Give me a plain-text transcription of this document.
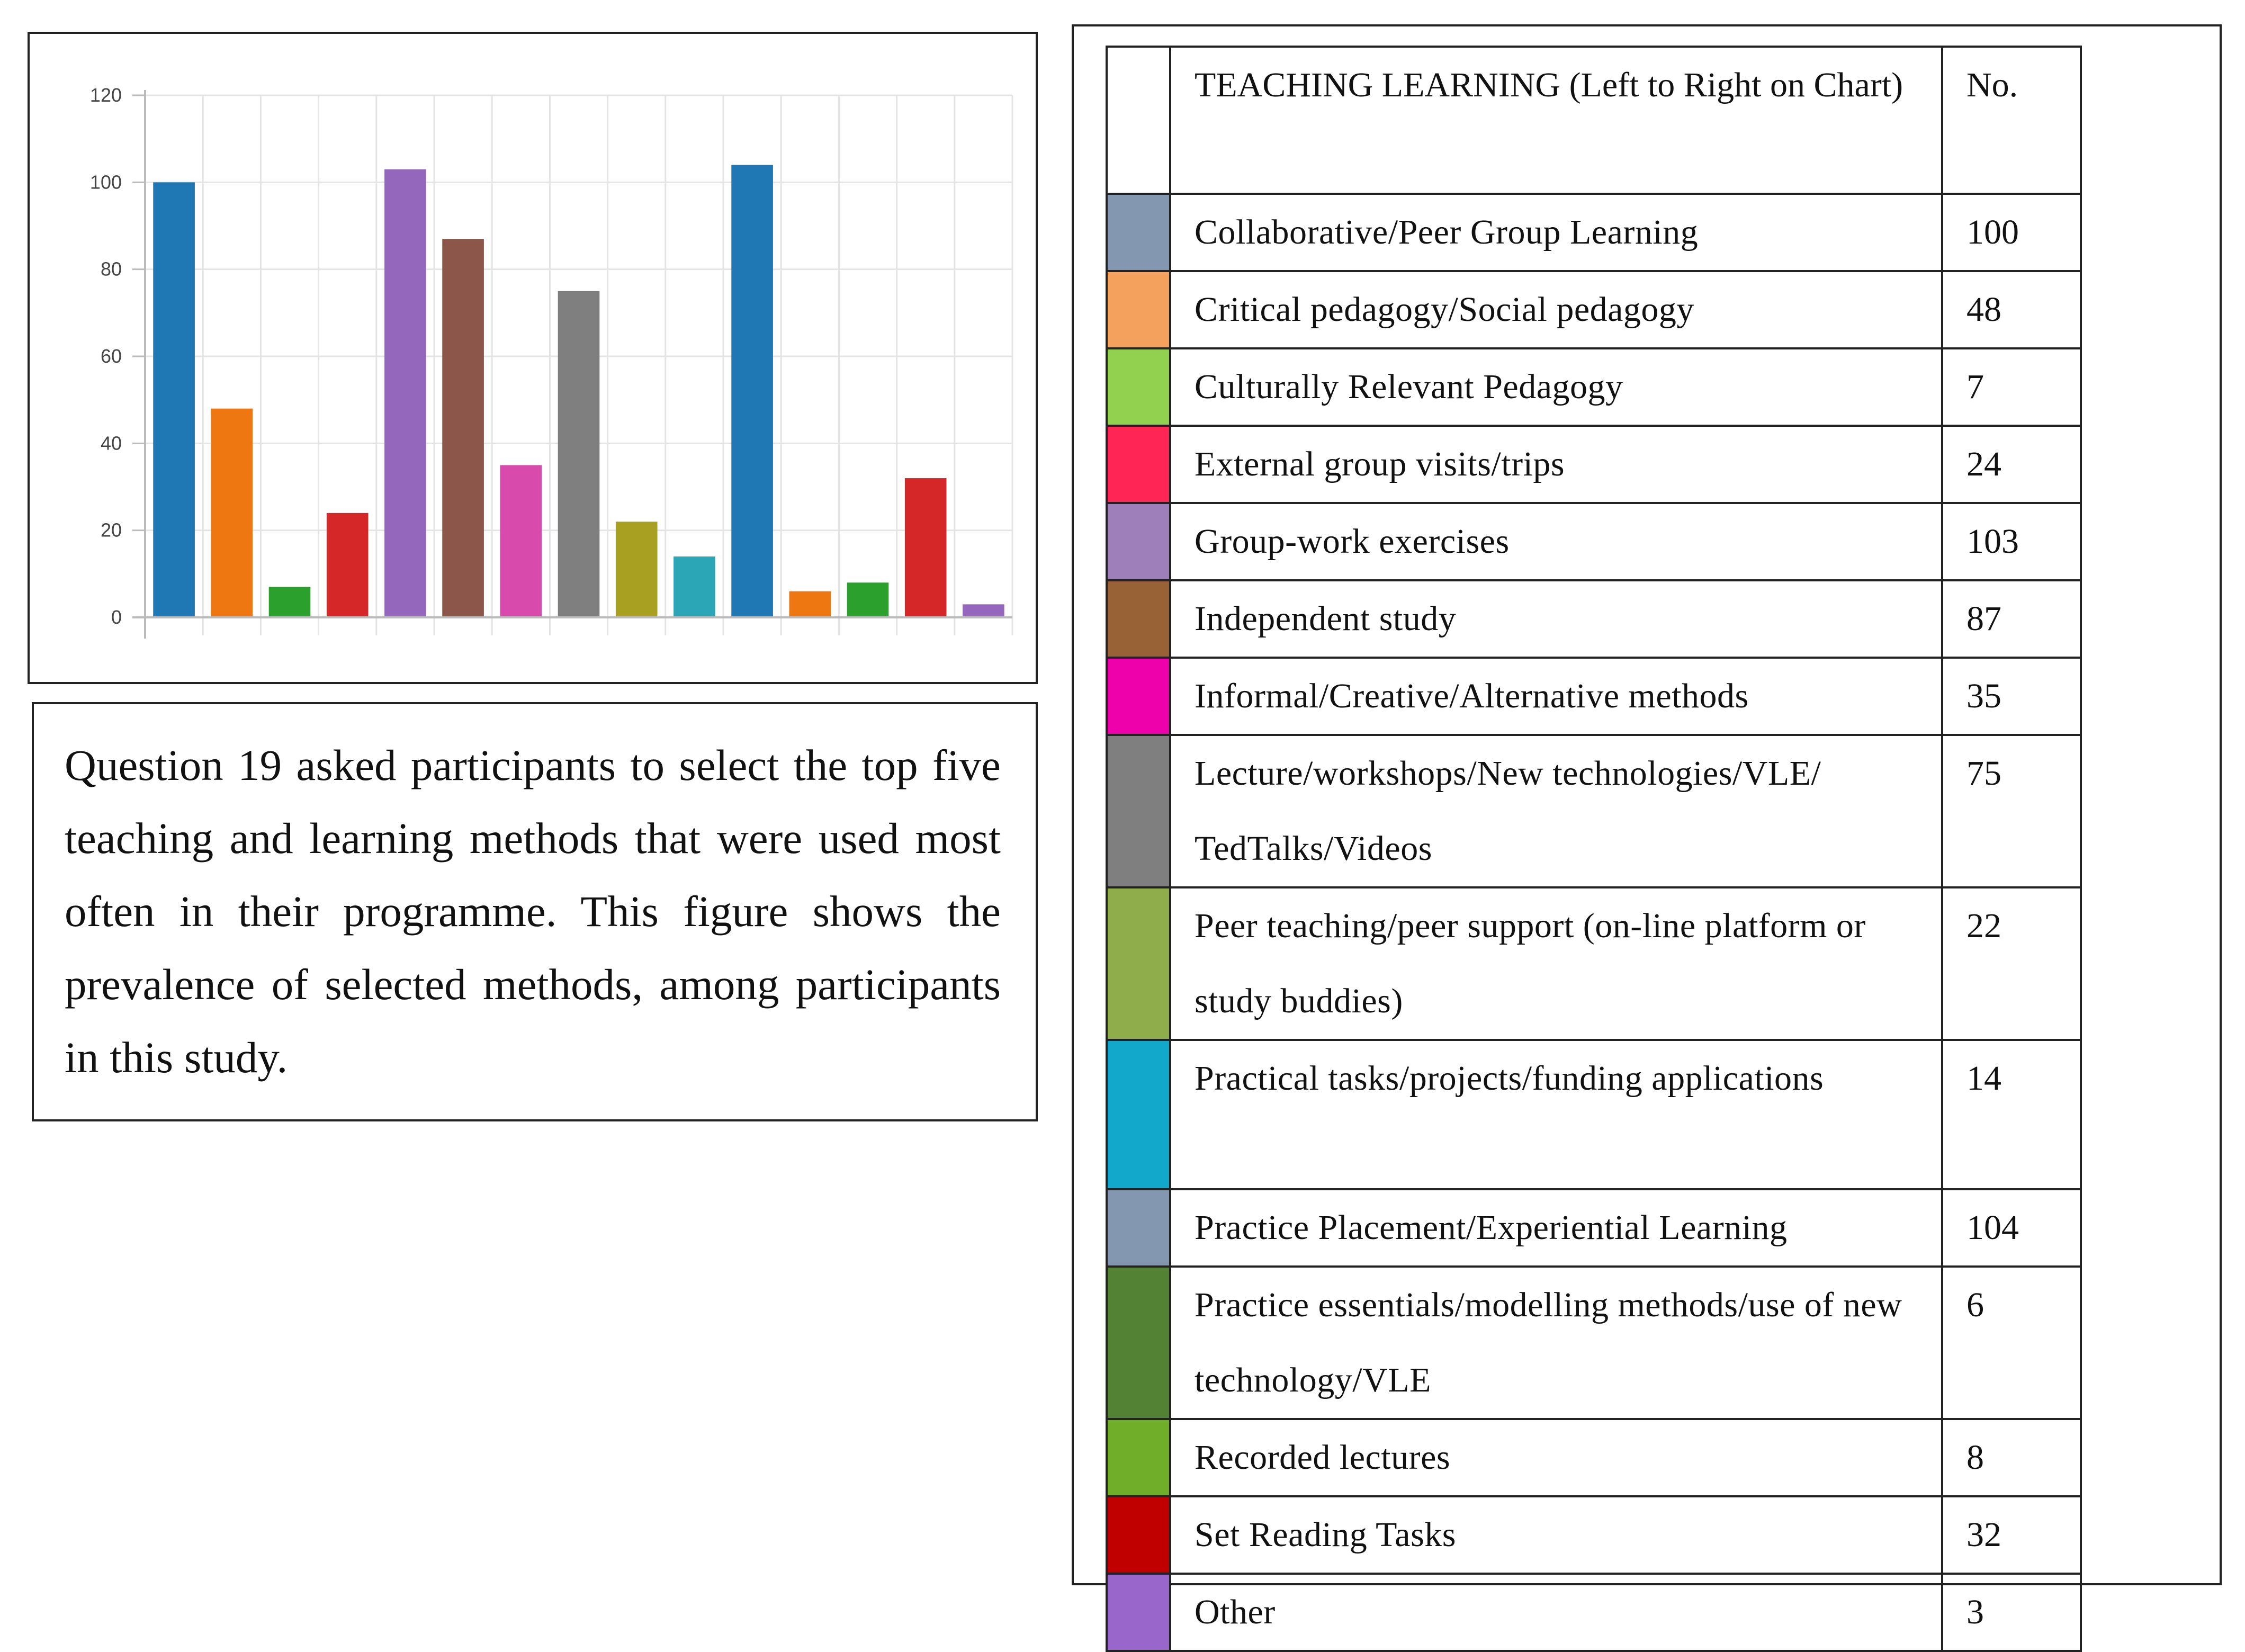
0
20
40
60
80
100
120

Question 19 asked participants to select the top five teaching and learning methods that were used most often in their programme. This figure shows the prevalence of selected methods, among participants in this study.

	TEACHING LEARNING (Left to Right on Chart)	No.
	Collaborative/Peer Group Learning	100
	Critical pedagogy/Social pedagogy	48
	Culturally Relevant Pedagogy	7
	External group visits/trips	24
	Group-work exercises	103
	Independent study	87
	Informal/Creative/Alternative methods	35
	Lecture/workshops/New technologies/VLE/ TedTalks/Videos	75
	Peer teaching/peer support (on-line platform or study buddies)	22
	Practical tasks/projects/funding applications	14
	Practice Placement/Experiential Learning	104
	Practice essentials/modelling methods/use of new technology/VLE	6
	Recorded lectures	8
	Set Reading Tasks	32
	Other	3
